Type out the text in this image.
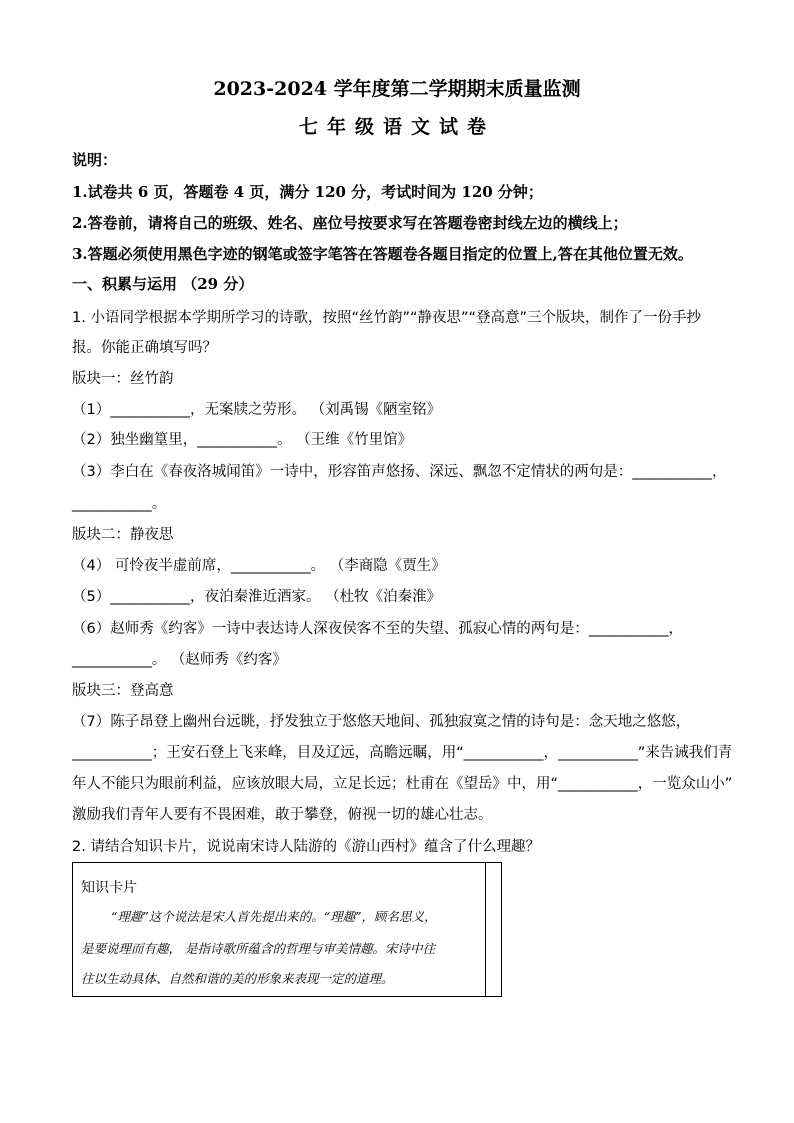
2023-2024 学年度第二学期期末质量监测
七年级语文试卷
说明：
1.试卷共 6 页，答题卷 4 页，满分 120 分，考试时间为 120 分钟；
2.答卷前，请将自己的班级、姓名、座位号按要求写在答题卷密封线左边的横线上；
3.答题必须使用黑色字迹的钢笔或签字笔答在答题卷各题目指定的位置上,答在其他位置无效。
一、积累与运用 （29 分）
1. 小语同学根据本学期所学习的诗歌，按照“丝竹韵”“静夜思”“登高意”三个版块，制作了一份手抄
报。你能正确填写吗？
版块一：丝竹韵
（1）___________，无案牍之劳形。 （刘禹锡《陋室铭》
（2）独坐幽篁里，___________。 （王维《竹里馆》
（3）李白在《春夜洛城闻笛》一诗中，形容笛声悠扬、深远、飘忽不定情状的两句是：___________，
___________。
版块二：静夜思
（4） 可怜夜半虚前席，___________。 （李商隐《贾生》
（5）___________，夜泊秦淮近酒家。 （杜牧《泊秦淮》
（6）赵师秀《约客》一诗中表达诗人深夜侯客不至的失望、孤寂心情的两句是：___________，
___________。 （赵师秀《约客》
版块三：登高意
（7）陈子昂登上幽州台远眺，抒发独立于悠悠天地间、孤独寂寞之情的诗句是：念天地之悠悠，
___________；王安石登上飞来峰，目及辽远，高瞻远瞩，用“___________，___________”来告诫我们青
年人不能只为眼前利益，应该放眼大局，立足长远；杜甫在《望岳》中，用“___________，一览众山小”
激励我们青年人要有不畏困难，敢于攀登，俯视一切的雄心壮志。
2. 请结合知识卡片，说说南宋诗人陆游的《游山西村》蕴含了什么理趣？
知识卡片
“理趣”这个说法是宋人首先提出来的。“理趣”，顾名思义，
是要说理而有趣， 是指诗歌所蕴含的哲理与审美情趣。宋诗中往
往以生动具体、自然和谐的美的形象来表现一定的道理。
